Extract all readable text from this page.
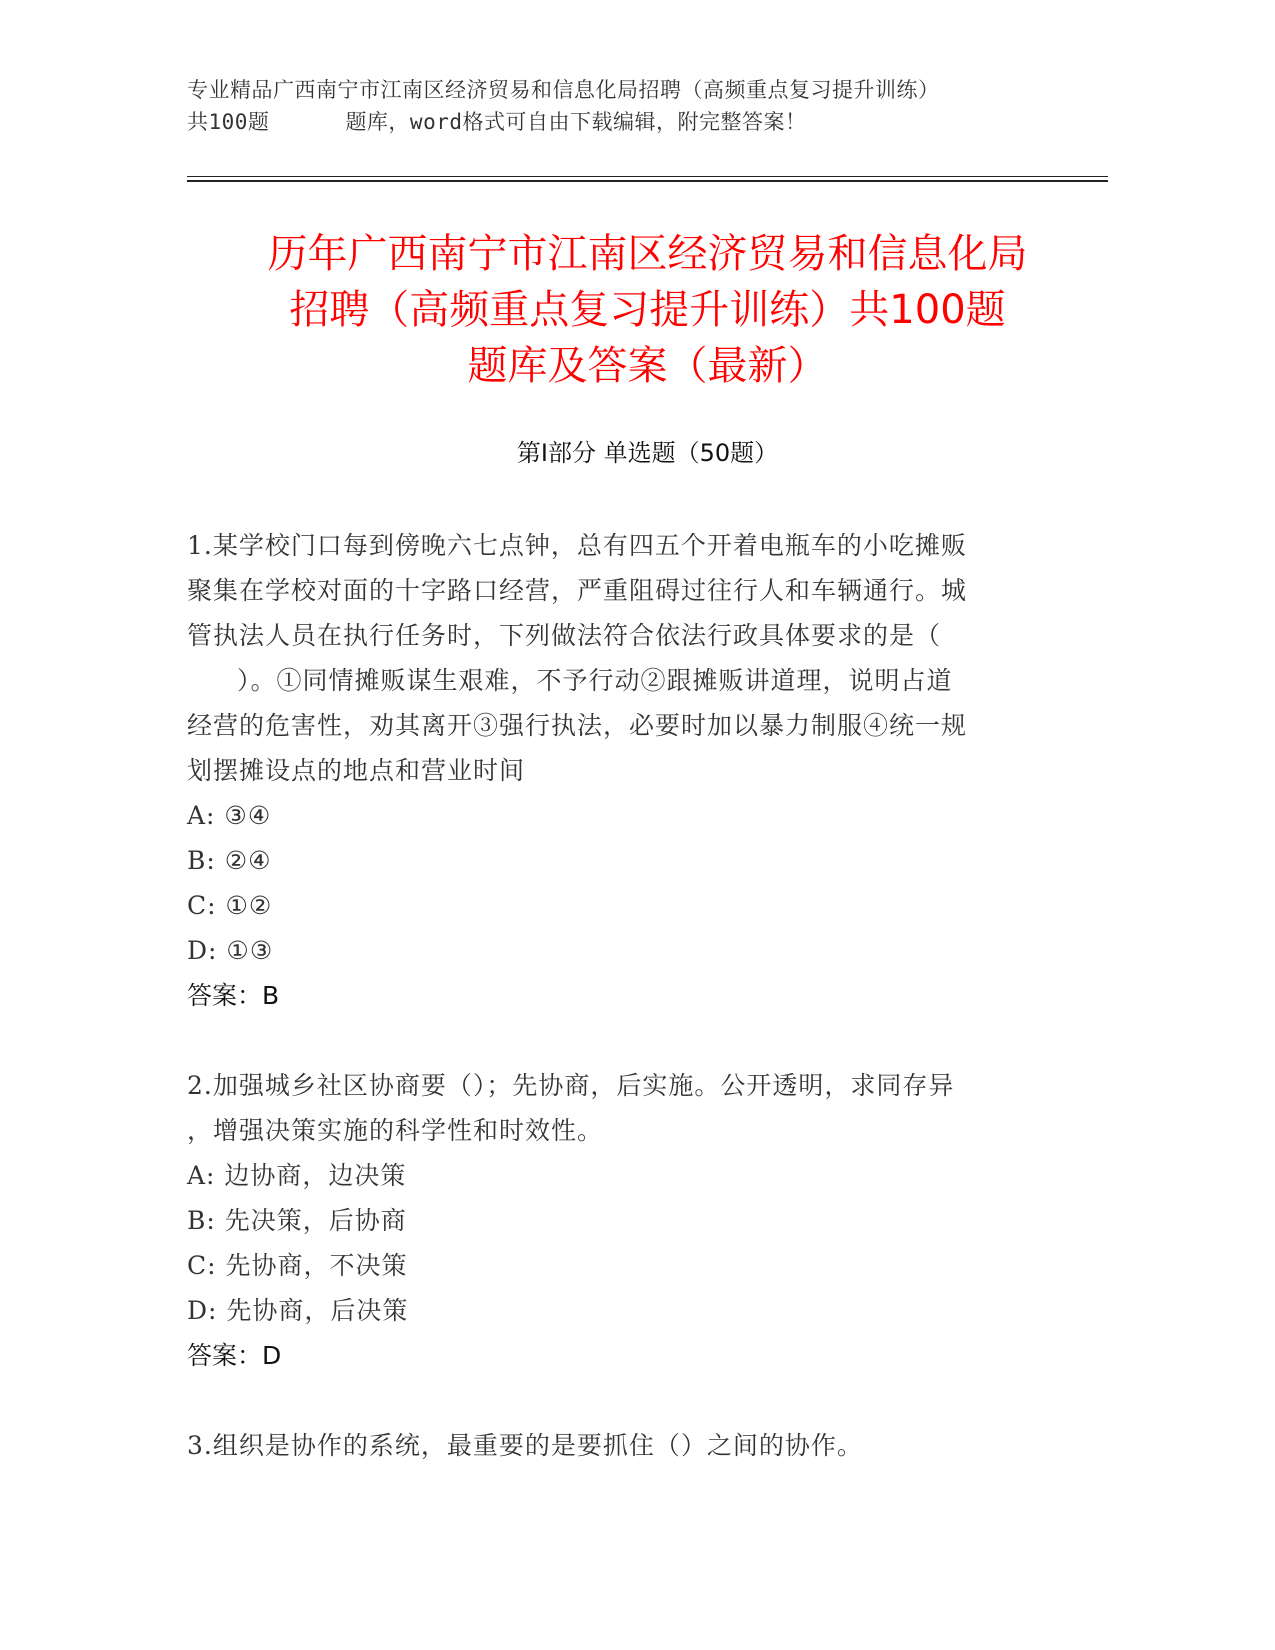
专业精品广西南宁市江南区经济贸易和信息化局招聘（高频重点复习提升训练）
共100题	题库，word格式可自由下载编辑，附完整答案！
历年广西南宁市江南区经济贸易和信息化局
招聘（高频重点复习提升训练）共100题
题库及答案（最新）
第Ⅰ部分 单选题（50题）

1.某学校门口每到傍晚六七点钟，总有四五个开着电瓶车的小吃摊贩

聚集在学校对面的十字路口经营，严重阻碍过往行人和车辆通行。城

管执法人员在执行任务时，下列做法符合依法行政具体要求的是（

）。①同情摊贩谋生艰难，不予行动②跟摊贩讲道理，说明占道

经营的危害性，劝其离开③强行执法，必要时加以暴力制服④统一规

划摆摊设点的地点和营业时间

A: ③④

B: ②④

C: ①②

D: ①③

答案：B

2.加强城乡社区协商要（）；先协商，后实施。公开透明，求同存异

，增强决策实施的科学性和时效性。

A: 边协商，边决策

B: 先决策，后协商

C: 先协商，不决策

D: 先协商，后决策

答案：D

3.组织是协作的系统，最重要的是要抓住（）之间的协作。
